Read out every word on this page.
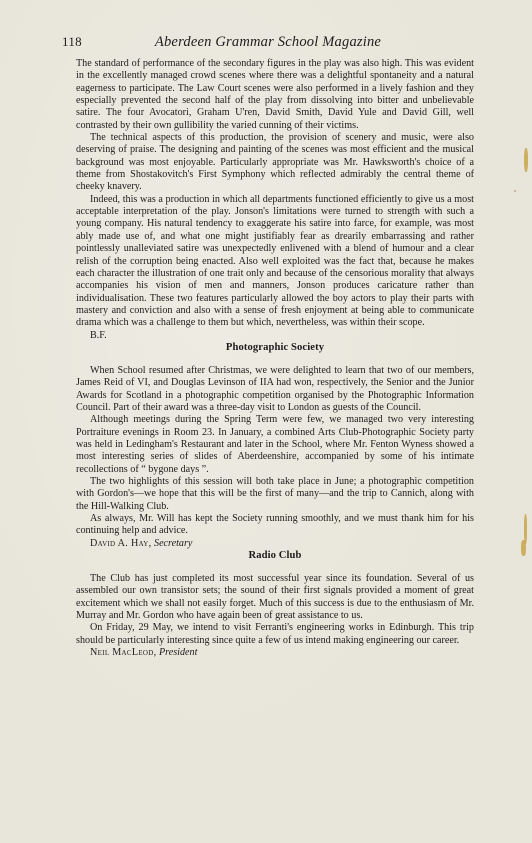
118	Aberdeen Grammar School Magazine

The standard of performance of the secondary figures in the play was also high. This was evident in the excellently managed crowd scenes where there was a delightful spontaneity and a natural eagerness to participate. The Law Court scenes were also performed in a lively fashion and they especially prevented the second half of the play from dissolving into bitter and unbelievable satire. The four Avocatori, Graham U'ren, David Smith, David Yule and David Gill, well contrasted by their own gullibility the varied cunning of their victims.

The technical aspects of this production, the provision of scenery and music, were also deserving of praise. The designing and painting of the scenes was most efficient and the musical background was most enjoyable. Particularly appropriate was Mr. Hawksworth's choice of a theme from Shostakovitch's First Symphony which reflected admirably the central theme of cheeky knavery.

Indeed, this was a production in which all departments functioned efficiently to give us a most acceptable interpretation of the play. Jonson's limitations were turned to strength with such a young company. His natural tendency to exaggerate his satire into farce, for example, was most ably made use of, and what one might justifiably fear as drearily embarrassing and rather pointlessly unalleviated satire was unexpectedly enlivened with a blend of humour and a clear relish of the corruption being enacted. Also well exploited was the fact that, because he makes each character the illustration of one trait only and because of the censorious morality that always accompanies his vision of men and manners, Jonson produces caricature rather than individualisation. These two features particularly allowed the boy actors to play their parts with mastery and conviction and also with a sense of fresh enjoyment at being able to communicate drama which was a challenge to them but which, nevertheless, was within their scope.

B.F.

Photographic Society

When School resumed after Christmas, we were delighted to learn that two of our members, James Reid of VI, and Douglas Levinson of IIA had won, respectively, the Senior and the Junior Awards for Scotland in a photographic competition organised by the Photographic Information Council. Part of their award was a three-day visit to London as guests of the Council.

Although meetings during the Spring Term were few, we managed two very interesting Portraiture evenings in Room 23. In January, a combined Arts Club-Photographic Society party was held in Ledingham's Restaurant and later in the School, where Mr. Fenton Wyness showed a most interesting series of slides of Aberdeenshire, accompanied by some of his intimate recollections of “ bygone days ”.

The two highlights of this session will both take place in June; a photographic competition with Gordon's—we hope that this will be the first of many—and the trip to Cannich, along with the Hill-Walking Club.

As always, Mr. Will has kept the Society running smoothly, and we must thank him for his continuing help and advice.

David A. Hay, Secretary

Radio Club

The Club has just completed its most successful year since its foundation. Several of us assembled our own transistor sets; the sound of their first signals provided a moment of great excitement which we shall not easily forget. Much of this success is due to the enthusiasm of Mr. Murray and Mr. Gordon who have again been of great assistance to us.

On Friday, 29 May, we intend to visit Ferranti's engineering works in Edinburgh. This trip should be particularly interesting since quite a few of us intend making engineering our career.

Neil MacLeod, President
